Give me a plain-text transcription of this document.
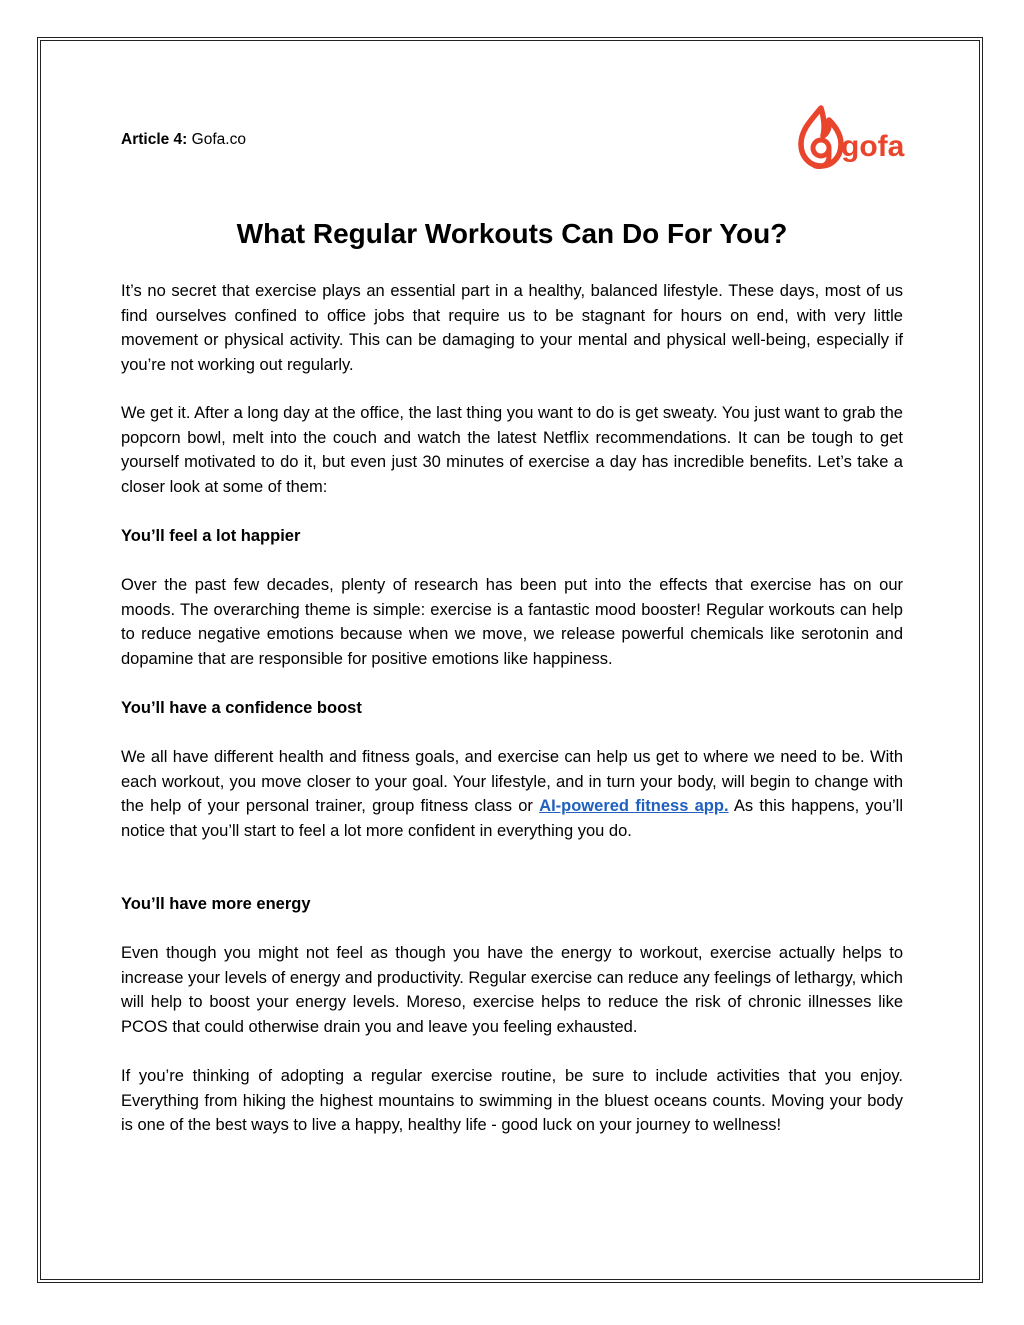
Article 4: Gofa.co	gofa
What Regular Workouts Can Do For You?

It’s no secret that exercise plays an essential part in a healthy, balanced lifestyle. These days, most of us find ourselves confined to office jobs that require us to be stagnant for hours on end, with very little movement or physical activity. This can be damaging to your mental and physical well-being, especially if you’re not working out regularly.

We get it. After a long day at the office, the last thing you want to do is get sweaty. You just want to grab the popcorn bowl, melt into the couch and watch the latest Netflix recommendations. It can be tough to get yourself motivated to do it, but even just 30 minutes of exercise a day has incredible benefits. Let’s take a closer look at some of them:

You’ll feel a lot happier

Over the past few decades, plenty of research has been put into the effects that exercise has on our moods. The overarching theme is simple: exercise is a fantastic mood booster! Regular workouts can help to reduce negative emotions because when we move, we release powerful chemicals like serotonin and dopamine that are responsible for positive emotions like happiness.

You’ll have a confidence boost

We all have different health and fitness goals, and exercise can help us get to where we need to be. With each workout, you move closer to your goal. Your lifestyle, and in turn your body, will begin to change with the help of your personal trainer, group fitness class or AI-powered fitness app. As this happens, you’ll notice that you’ll start to feel a lot more confident in everything you do.

You’ll have more energy

Even though you might not feel as though you have the energy to workout, exercise actually helps to increase your levels of energy and productivity. Regular exercise can reduce any feelings of lethargy, which will help to boost your energy levels. Moreso, exercise helps to reduce the risk of chronic illnesses like PCOS that could otherwise drain you and leave you feeling exhausted.

If you’re thinking of adopting a regular exercise routine, be sure to include activities that you enjoy. Everything from hiking the highest mountains to swimming in the bluest oceans counts. Moving your body is one of the best ways to live a happy, healthy life - good luck on your journey to wellness!
